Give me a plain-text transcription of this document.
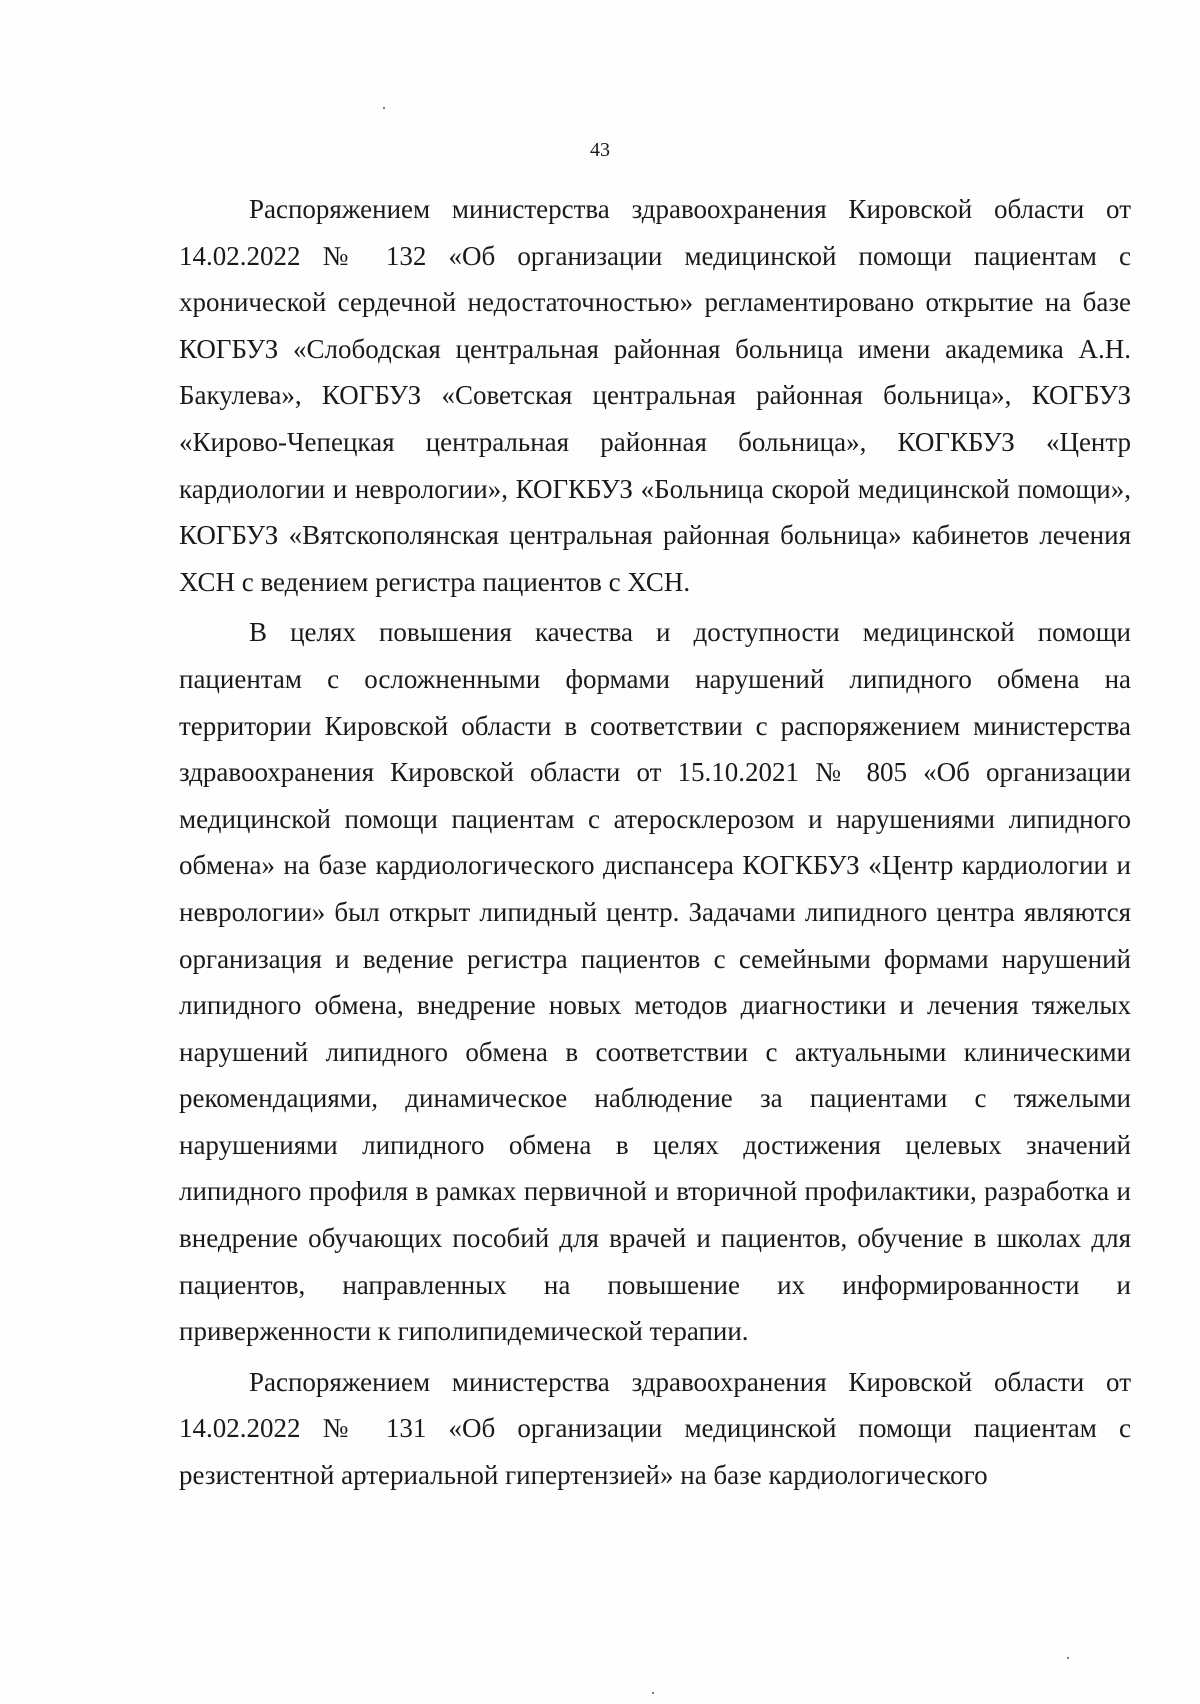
43

Распоряжением министерства здравоохранения Кировской области от 14.02.2022 № 132 «Об организации медицинской помощи пациентам с хронической сердечной недостаточностью» регламентировано открытие на базе КОГБУЗ «Слободская центральная районная больница имени академика А.Н. Бакулева», КОГБУЗ «Советская центральная районная больница», КОГБУЗ «Кирово-Чепецкая центральная районная больница», КОГКБУЗ «Центр кардиологии и неврологии», КОГКБУЗ «Больница скорой медицинской помощи», КОГБУЗ «Вятскополянская центральная районная больница» кабинетов лечения ХСН с ведением регистра пациентов с ХСН.

В целях повышения качества и доступности медицинской помощи пациентам с осложненными формами нарушений липидного обмена на территории Кировской области в соответствии с распоряжением министерства здравоохранения Кировской области от 15.10.2021 № 805 «Об организации медицинской помощи пациентам с атеросклерозом и нарушениями липидного обмена» на базе кардиологического диспансера КОГКБУЗ «Центр кардиологии и неврологии» был открыт липидный центр. Задачами липидного центра являются организация и ведение регистра пациентов с семейными формами нарушений липидного обмена, внедрение новых методов диагностики и лечения тяжелых нарушений липидного обмена в соответствии с актуальными клиническими рекомендациями, динамическое наблюдение за пациентами с тяжелыми нарушениями липидного обмена в целях достижения целевых значений липидного профиля в рамках первичной и вторичной профилактики, разработка и внедрение обучающих пособий для врачей и пациентов, обучение в школах для пациентов, направленных на повышение их информированности и приверженности к гиполипидемической терапии.

Распоряжением министерства здравоохранения Кировской области от 14.02.2022 № 131 «Об организации медицинской помощи пациентам с резистентной артериальной гипертензией» на базе кардиологического
